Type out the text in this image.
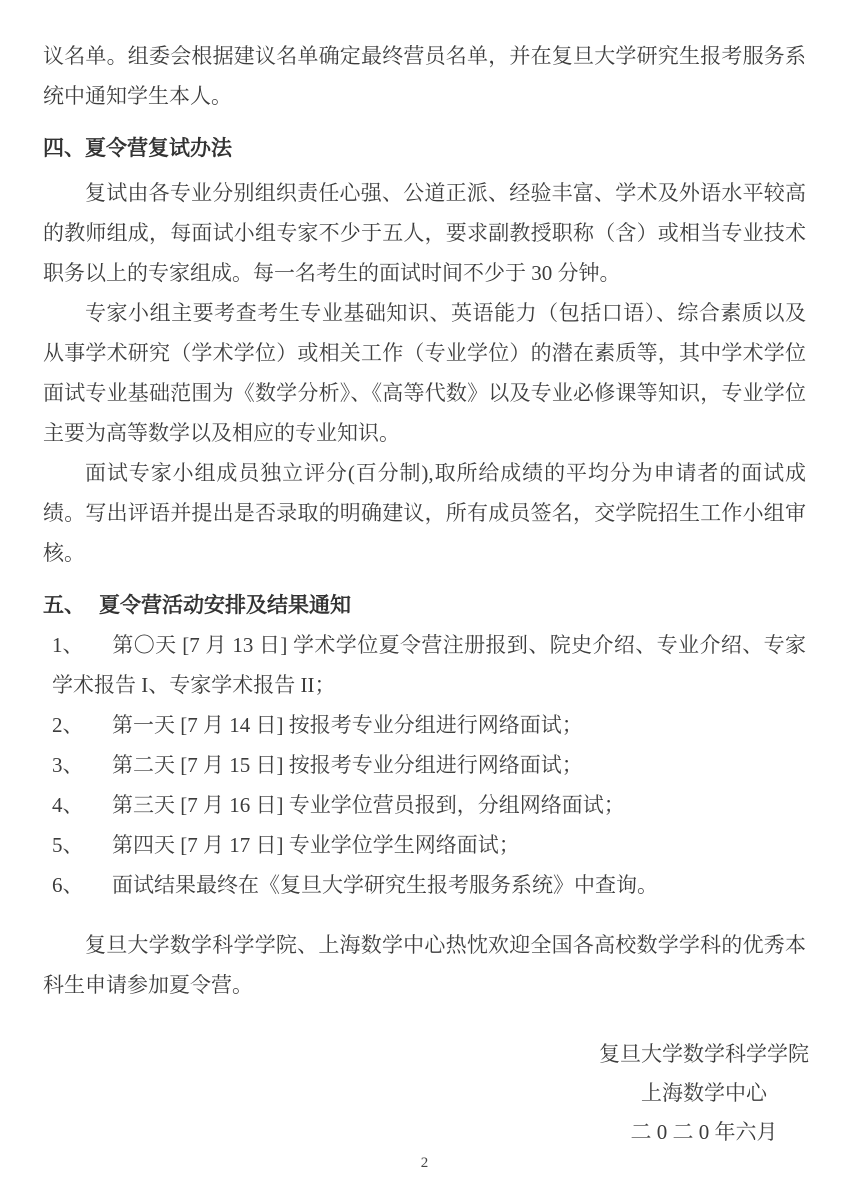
议名单。组委会根据建议名单确定最终营员名单，并在复旦大学研究生报考服务系统中通知学生本人。

四、夏令营复试办法

复试由各专业分别组织责任心强、公道正派、经验丰富、学术及外语水平较高的教师组成，每面试小组专家不少于五人，要求副教授职称（含）或相当专业技术职务以上的专家组成。每一名考生的面试时间不少于 30 分钟。

专家小组主要考查考生专业基础知识、英语能力（包括口语）、综合素质以及从事学术研究（学术学位）或相关工作（专业学位）的潜在素质等，其中学术学位面试专业基础范围为《数学分析》、《高等代数》以及专业必修课等知识，专业学位主要为高等数学以及相应的专业知识。

面试专家小组成员独立评分(百分制),取所给成绩的平均分为申请者的面试成绩。写出评语并提出是否录取的明确建议，所有成员签名，交学院招生工作小组审核。

五、 夏令营活动安排及结果通知

1、 第〇天 [7 月 13 日] 学术学位夏令营注册报到、院史介绍、专业介绍、专家学术报告 I、专家学术报告 II；

2、 第一天 [7 月 14 日] 按报考专业分组进行网络面试；

3、 第二天 [7 月 15 日] 按报考专业分组进行网络面试；

4、 第三天 [7 月 16 日] 专业学位营员报到，分组网络面试；

5、 第四天 [7 月 17 日] 专业学位学生网络面试；

6、 面试结果最终在《复旦大学研究生报考服务系统》中查询。

复旦大学数学科学学院、上海数学中心热忱欢迎全国各高校数学学科的优秀本科生申请参加夏令营。

复旦大学数学科学学院

上海数学中心

二 0 二 0 年六月

2
